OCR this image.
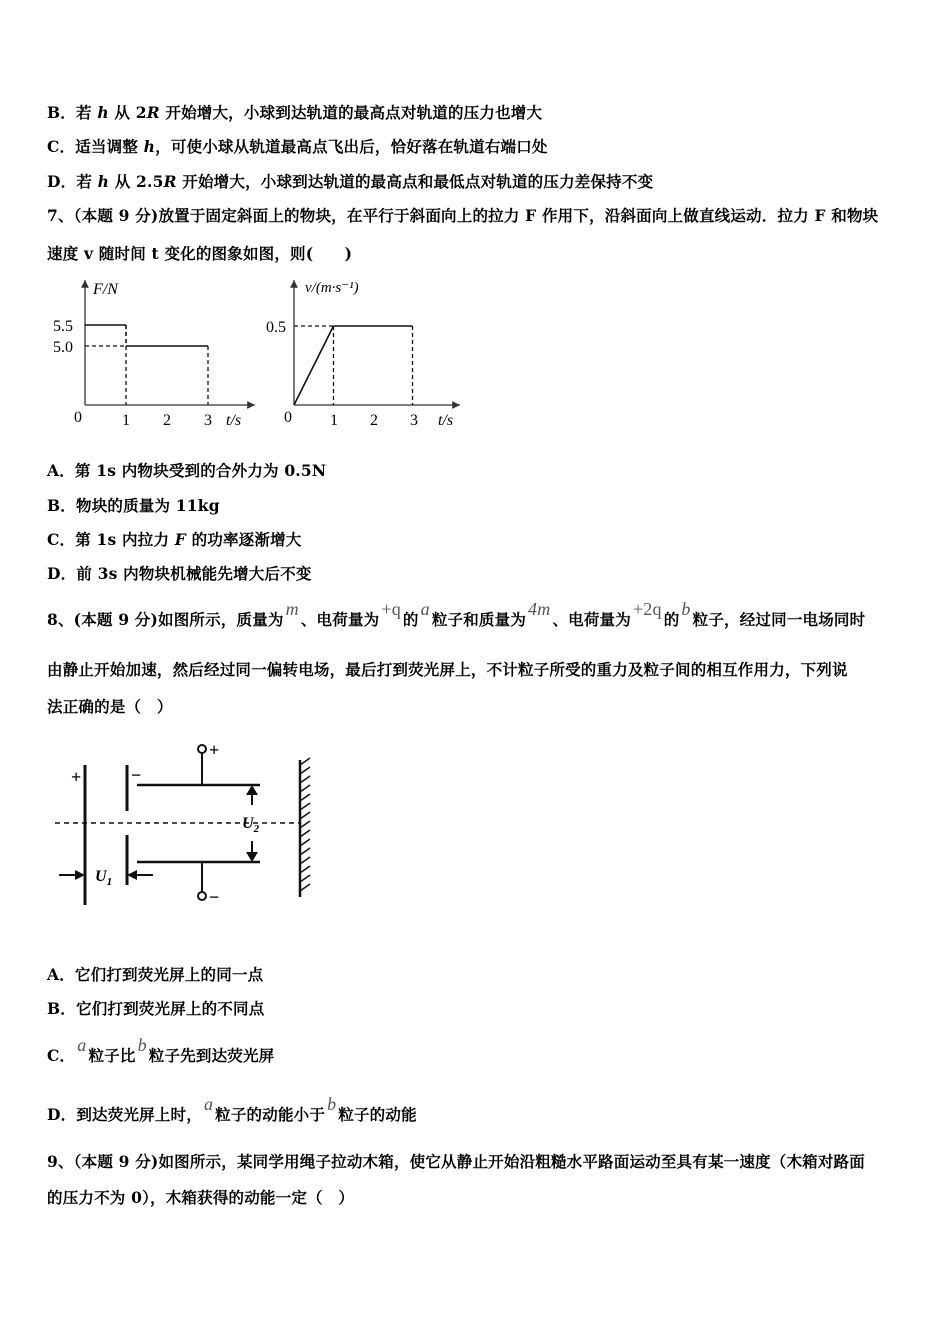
B．若 h 从 2R 开始增大，小球到达轨道的最高点对轨道的压力也增大
C．适当调整 h，可使小球从轨道最高点飞出后，恰好落在轨道右端口处
D．若 h 从 2.5R 开始增大，小球到达轨道的最高点和最低点对轨道的压力差保持不变
7、（本题 9 分)放置于固定斜面上的物块，在平行于斜面向上的拉力 F 作用下，沿斜面向上做直线运动．拉力 F 和物块
速度 v 随时间 t 变化的图象如图，则(　　)
F/N
t/s
0	1 2 3
5.5
5.0
v/(m·s⁻¹)
t/s
0 1 2 3
0.5
A．第 1s 内物块受到的合外力为 0.5N
B．物块的质量为 11kg
C．第 1s 内拉力 F 的功率逐渐增大
D．前 3s 内物块机械能先增大后不变
8、(本题 9 分)如图所示，质量为m、电荷量为+q的a粒子和质量为4m、电荷量为+2q的b粒子，经过同一电场同时
由静止开始加速，然后经过同一偏转电场，最后打到荧光屏上，不计粒子所受的重力及粒子间的相互作用力，下列说
法正确的是（　）
+	−
+
−
$U_2$
$U_1$
A．它们打到荧光屏上的同一点
B．它们打到荧光屏上的不同点
C．a粒子比b粒子先到达荧光屏
D．到达荧光屏上时，a粒子的动能小于b粒子的动能
9、（本题 9 分)如图所示，某同学用绳子拉动木箱，使它从静止开始沿粗糙水平路面运动至具有某一速度（木箱对路面
的压力不为 0），木箱获得的动能一定（　）
